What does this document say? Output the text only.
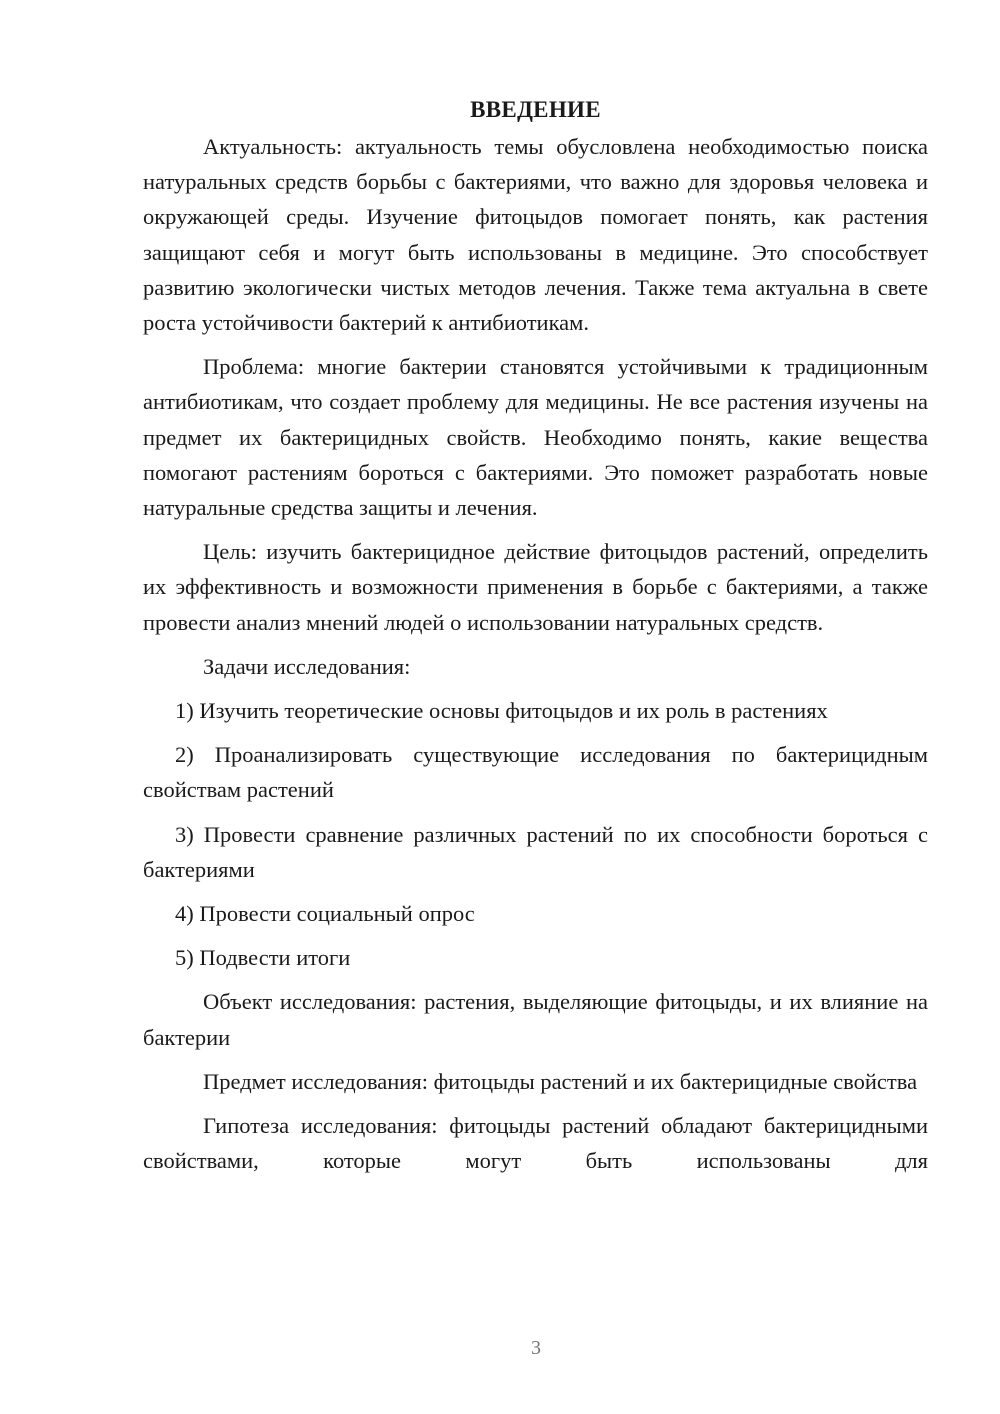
ВВЕДЕНИЕ

Актуальность: актуальность темы обусловлена необходимостью поиска натуральных средств борьбы с бактериями, что важно для здоровья человека и окружающей среды. Изучение фитоцыдов помогает понять, как растения защищают себя и могут быть использованы в медицине. Это способствует развитию экологически чистых методов лечения. Также тема актуальна в свете роста устойчивости бактерий к антибиотикам.

Проблема: многие бактерии становятся устойчивыми к традиционным антибиотикам, что создает проблему для медицины. Не все растения изучены на предмет их бактерицидных свойств. Необходимо понять, какие вещества помогают растениям бороться с бактериями. Это поможет разработать новые натуральные средства защиты и лечения.

Цель: изучить бактерицидное действие фитоцыдов растений, определить их эффективность и возможности применения в борьбе с бактериями, а также провести анализ мнений людей о использовании натуральных средств.

Задачи исследования:

1) Изучить теоретические основы фитоцыдов и их роль в растениях

2) Проанализировать существующие исследования по бактерицидным свойствам растений

3) Провести сравнение различных растений по их способности бороться с бактериями

4) Провести социальный опрос

5) Подвести итоги

Объект исследования: растения, выделяющие фитоцыды, и их влияние на бактерии

Предмет исследования: фитоцыды растений и их бактерицидные свойства

Гипотеза исследования: фитоцыды растений обладают бактерицидными свойствами, которые могут быть использованы для

3
